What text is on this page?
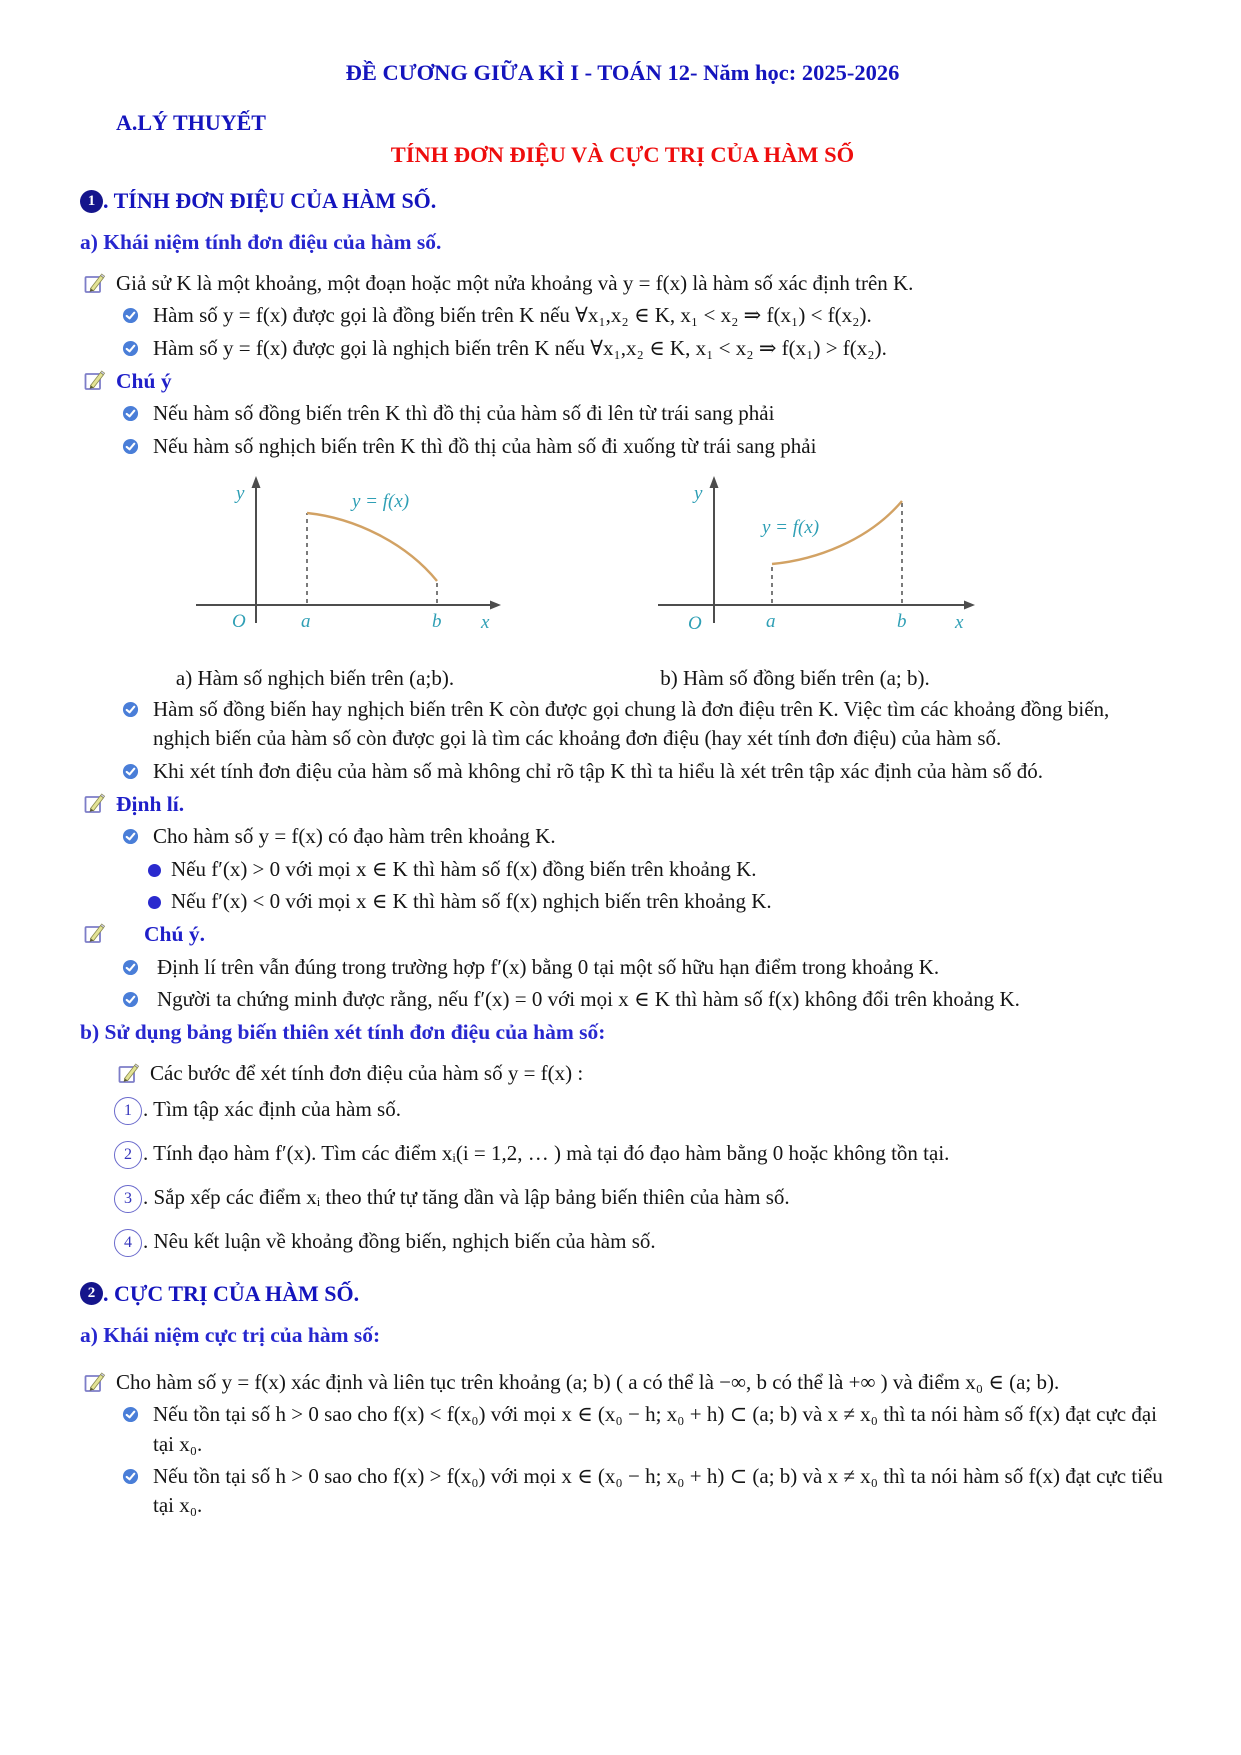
ĐỀ CƯƠNG GIỮA KÌ I - TOÁN 12- Năm học: 2025-2026
A.LÝ THUYẾT
TÍNH ĐƠN ĐIỆU VÀ CỰC TRỊ CỦA HÀM SỐ
1 . TÍNH ĐƠN ĐIỆU CỦA HÀM SỐ.
a) Khái niệm tính đơn điệu của hàm số.
Giả sử K là một khoảng, một đoạn hoặc một nửa khoảng và y = f(x) là hàm số xác định trên K.
Hàm số y = f(x) được gọi là đồng biến trên K nếu ∀x₁,x₂ ∈ K, x₁ < x₂ ⇒ f(x₁) < f(x₂).
Hàm số y = f(x) được gọi là nghịch biến trên K nếu ∀x₁,x₂ ∈ K, x₁ < x₂ ⇒ f(x₁) > f(x₂).
Chú ý
Nếu hàm số đồng biến trên K thì đồ thị của hàm số đi lên từ trái sang phải
Nếu hàm số nghịch biến trên K thì đồ thị của hàm số đi xuống từ trái sang phải
y
O	a	b x
y = f(x)
a) Hàm số nghịch biến trên (a;b).
y
O	a	b	x
y = f(x)
b) Hàm số đồng biến trên (a; b).
Hàm số đồng biến hay nghịch biến trên K còn được gọi chung là đơn điệu trên K. Việc tìm các khoảng đồng biến, nghịch biến của hàm số còn được gọi là tìm các khoảng đơn điệu (hay xét tính đơn điệu) của hàm số.
Khi xét tính đơn điệu của hàm số mà không chỉ rõ tập K thì ta hiểu là xét trên tập xác định của hàm số đó.
Định lí.
Cho hàm số y = f(x) có đạo hàm trên khoảng K.
Nếu f′(x) > 0 với mọi x ∈ K thì hàm số f(x) đồng biến trên khoảng K.
Nếu f′(x) < 0 với mọi x ∈ K thì hàm số f(x) nghịch biến trên khoảng K.
Chú ý.
Định lí trên vẫn đúng trong trường hợp f′(x) bằng 0 tại một số hữu hạn điểm trong khoảng K.
Người ta chứng minh được rằng, nếu f′(x) = 0 với mọi x ∈ K thì hàm số f(x) không đổi trên khoảng K.
b) Sử dụng bảng biến thiên xét tính đơn điệu của hàm số:
Các bước để xét tính đơn điệu của hàm số y = f(x) :
1 . Tìm tập xác định của hàm số.
2 . Tính đạo hàm f′(x). Tìm các điểm xᵢ(i = 1,2, … ) mà tại đó đạo hàm bằng 0 hoặc không tồn tại.
3 . Sắp xếp các điểm xᵢ theo thứ tự tăng dần và lập bảng biến thiên của hàm số.
4 . Nêu kết luận về khoảng đồng biến, nghịch biến của hàm số.
2 . CỰC TRỊ CỦA HÀM SỐ.
a) Khái niệm cực trị của hàm số:
Cho hàm số y = f(x) xác định và liên tục trên khoảng (a; b) ( a có thể là −∞, b có thể là +∞ ) và điểm x₀ ∈ (a; b).
Nếu tồn tại số h > 0 sao cho f(x) < f(x₀) với mọi x ∈ (x₀ − h; x₀ + h) ⊂ (a; b) và x ≠ x₀ thì ta nói hàm số f(x) đạt cực đại tại x₀.
Nếu tồn tại số h > 0 sao cho f(x) > f(x₀) với mọi x ∈ (x₀ − h; x₀ + h) ⊂ (a; b) và x ≠ x₀ thì ta nói hàm số f(x) đạt cực tiểu tại x₀.
